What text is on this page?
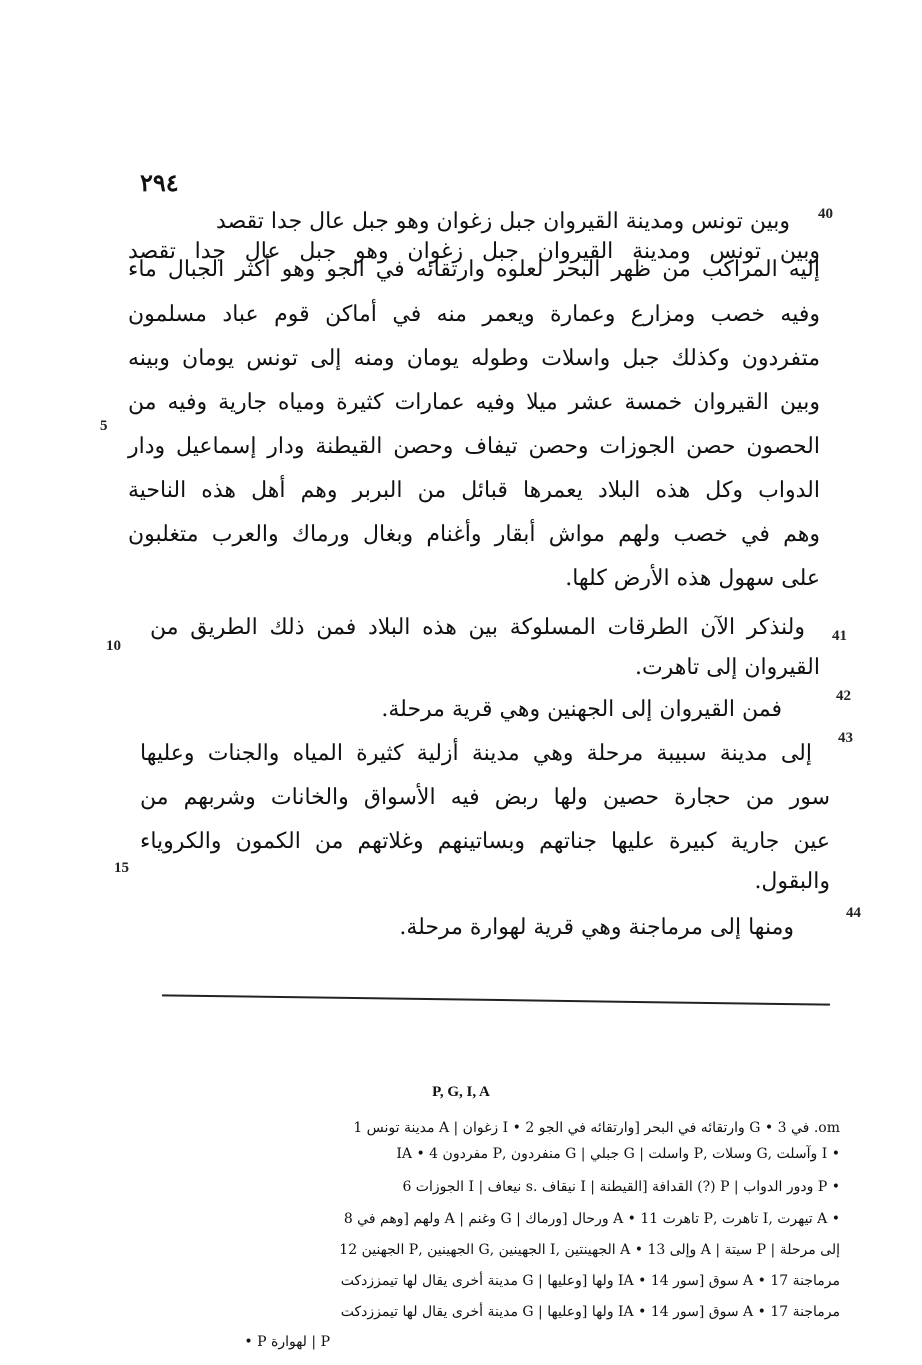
٢٩٤
40
41
42
43
44
5
10
15
وبين تونس ومدينة القيروان جبل زغوان وهو جبل عال جدا تقصد
وبين تونس ومدينة القيروان جبل زغوان وهو جبل عال جدا تقصد
إليه المراكب من ظهر البحر لعلوه وارتقائه في الجو وهو أكثر الجبال ماء
وفيه خصب ومزارع وعمارة ويعمر منه في أماكن قوم عباد مسلمون
متفردون وكذلك جبل واسلات وطوله يومان ومنه إلى تونس يومان وبينه
وبين القيروان خمسة عشر ميلا وفيه عمارات كثيرة ومياه جارية وفيه من
الحصون حصن الجوزات وحصن تيفاف وحصن القيطنة ودار إسماعيل ودار
الدواب وكل هذه البلاد يعمرها قبائل من البربر وهم أهل هذه الناحية
وهم في خصب ولهم مواش أبقار وأغنام وبغال ورماك والعرب متغلبون
على سهول هذه الأرض كلها.
ولنذكر الآن الطرقات المسلوكة بين هذه البلاد فمن ذلك الطريق من
القيروان إلى تاهرت.
فمن القيروان إلى الجهنين وهي قرية مرحلة.
إلى مدينة سبيبة مرحلة وهي مدينة أزلية كثيرة المياه والجنات وعليها
سور من حجارة حصين ولها ربض فيه الأسواق والخانات وشربهم من
عين جارية كبيرة عليها جناتهم وبساتينهم وغلاتهم من الكمون والكروياء
والبقول.
ومنها إلى مرماجنة وهي قرية لهوارة مرحلة.
P, G, I, A
om. في 3 • G وارتقائه في البحر [وارتقائه في الجو 2 • I زغوان | A مدينة تونس 1
• I وآسلت ,G وسلات ,P واسلت | G جبلي | G منفردون ,P مفردون 4 • IA
• P ودور الدواب | P (?) القدافة [القيطنة | I نيقاف .s نيعاف | I الجوزات 6
• A تيهرت ,I تاهرت ,P تاهرت 11 • A ورحال [ورماك | G وغنم | A ولهم [وهم في 8
إلى مرحلة | P سيتة | A وإلى 13 • A الجهينتين ,I الجهينين ,G الجهينين ,P الجهنين 12
مرماجنة 17 • A سوق [سور 14 • IA ولها [وعليها | G مدينة أخرى يقال لها تيمززدكت
مرماجنة 17 • A سوق [سور 14 • IA ولها [وعليها | G مدينة أخرى يقال لها تيمززدكت
P | لهوارة P •
